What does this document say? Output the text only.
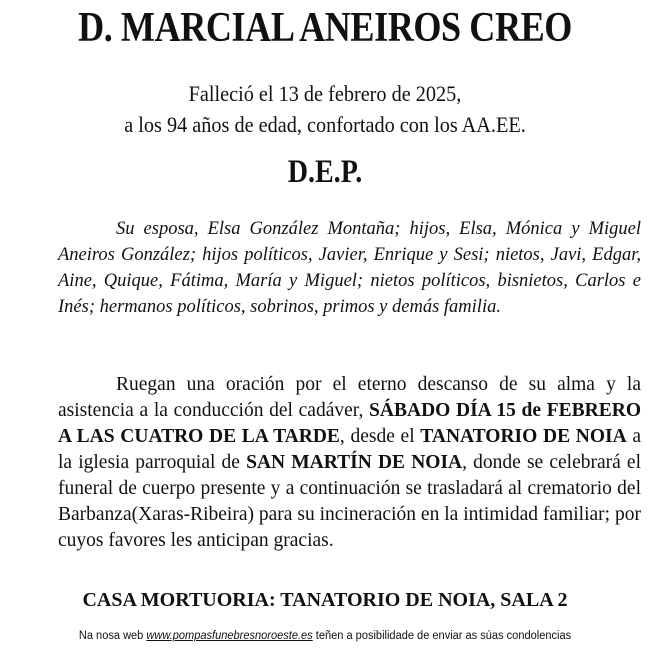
D. MARCIAL ANEIROS CREO
Falleció el 13 de febrero de 2025,
a los 94 años de edad, confortado con los AA.EE.
D.E.P.
Su esposa, Elsa González Montaña; hijos, Elsa, Mónica y Miguel Aneiros González; hijos políticos, Javier, Enrique y Sesi; nietos, Javi, Edgar, Aine, Quique, Fátima, María y Miguel; nietos políticos, bisnietos, Carlos e Inés; hermanos políticos, sobrinos, primos y demás familia.
Ruegan una oración por el eterno descanso de su alma y la asistencia a la conducción del cadáver, SÁBADO DÍA 15 de FEBRERO A LAS CUATRO DE LA TARDE, desde el TANATORIO DE NOIA a la iglesia parroquial de SAN MARTÍN DE NOIA, donde se celebrará el funeral de cuerpo presente y a continuación se trasladará al crematorio del Barbanza(Xaras-Ribeira) para su incineración en la intimidad familiar; por cuyos favores les anticipan gracias.
CASA MORTUORIA: TANATORIO DE NOIA, SALA 2
Na nosa web www.pompasfunebresnoroeste.es teñen a posibilidade de enviar as súas condolencias
